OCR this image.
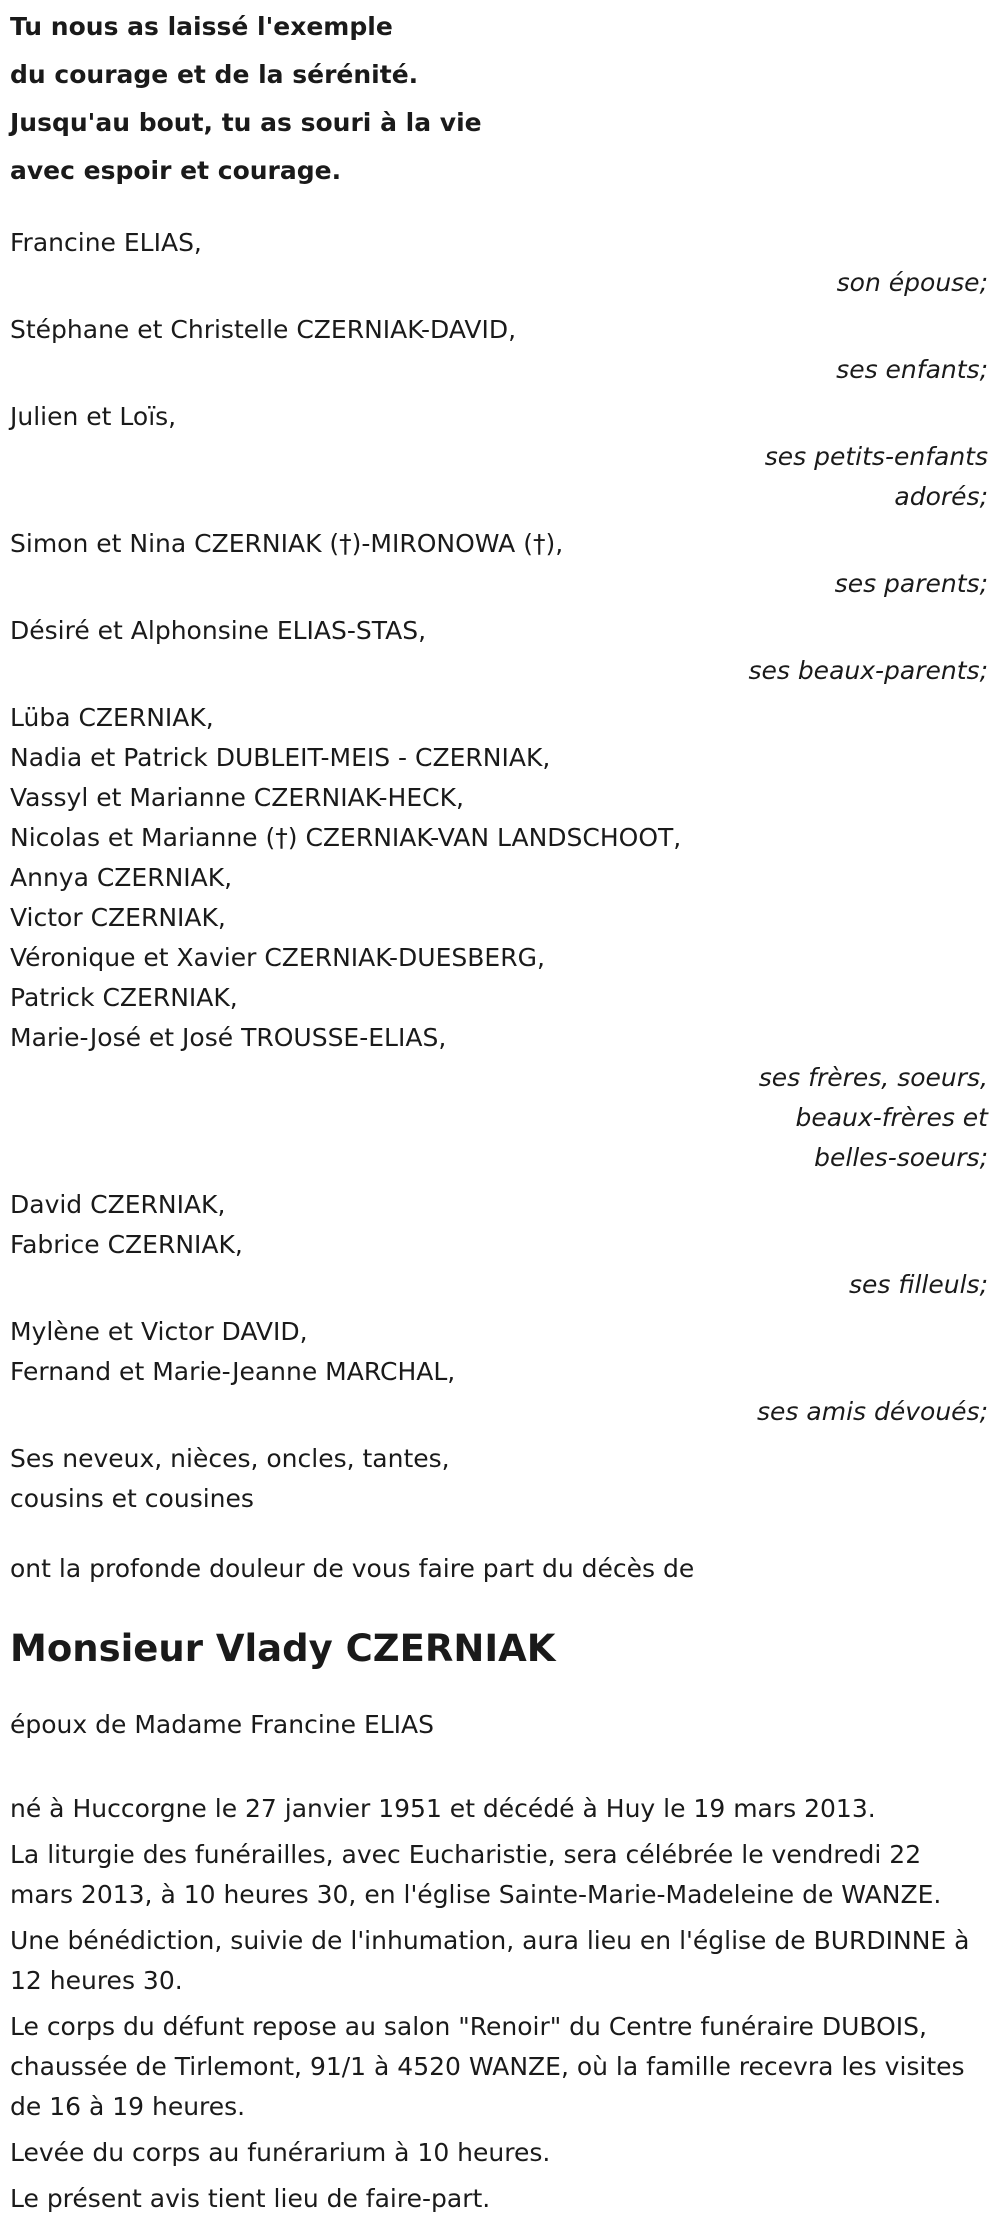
Tu nous as laissé l'exemple
du courage et de la sérénité.
Jusqu'au bout, tu as souri à la vie
avec espoir et courage.
Francine ELIAS,
son épouse;
Stéphane et Christelle CZERNIAK-DAVID,
ses enfants;
Julien et Loïs,
ses petits-enfants
adorés;
Simon et Nina CZERNIAK (†)-MIRONOWA (†),
ses parents;
Désiré et Alphonsine ELIAS-STAS,
ses beaux-parents;
Lüba CZERNIAK,
Nadia et Patrick DUBLEIT-MEIS - CZERNIAK,
Vassyl et Marianne CZERNIAK-HECK,
Nicolas et Marianne (†) CZERNIAK-VAN LANDSCHOOT,
Annya CZERNIAK,
Victor CZERNIAK,
Véronique et Xavier CZERNIAK-DUESBERG,
Patrick CZERNIAK,
Marie-José et José TROUSSE-ELIAS,
ses frères, soeurs,
beaux-frères et
belles-soeurs;
David CZERNIAK,
Fabrice CZERNIAK,
ses filleuls;
Mylène et Victor DAVID,
Fernand et Marie-Jeanne MARCHAL,
ses amis dévoués;
Ses neveux, nièces, oncles, tantes,
cousins et cousines
ont la profonde douleur de vous faire part du décès de
Monsieur Vlady CZERNIAK
époux de Madame Francine ELIAS

né à Huccorgne le 27 janvier 1951 et décédé à Huy le 19 mars 2013.

La liturgie des funérailles, avec Eucharistie, sera célébrée le vendredi 22 mars 2013, à 10 heures 30, en l'église Sainte-Marie-Madeleine de WANZE.

Une bénédiction, suivie de l'inhumation, aura lieu en l'église de BURDINNE à 12 heures 30.

Le corps du défunt repose au salon "Renoir" du Centre funéraire DUBOIS, chaussée de Tirlemont, 91/1 à 4520 WANZE, où la famille recevra les visites de 16 à 19 heures.

Levée du corps au funérarium à 10 heures.

Le présent avis tient lieu de faire-part.
